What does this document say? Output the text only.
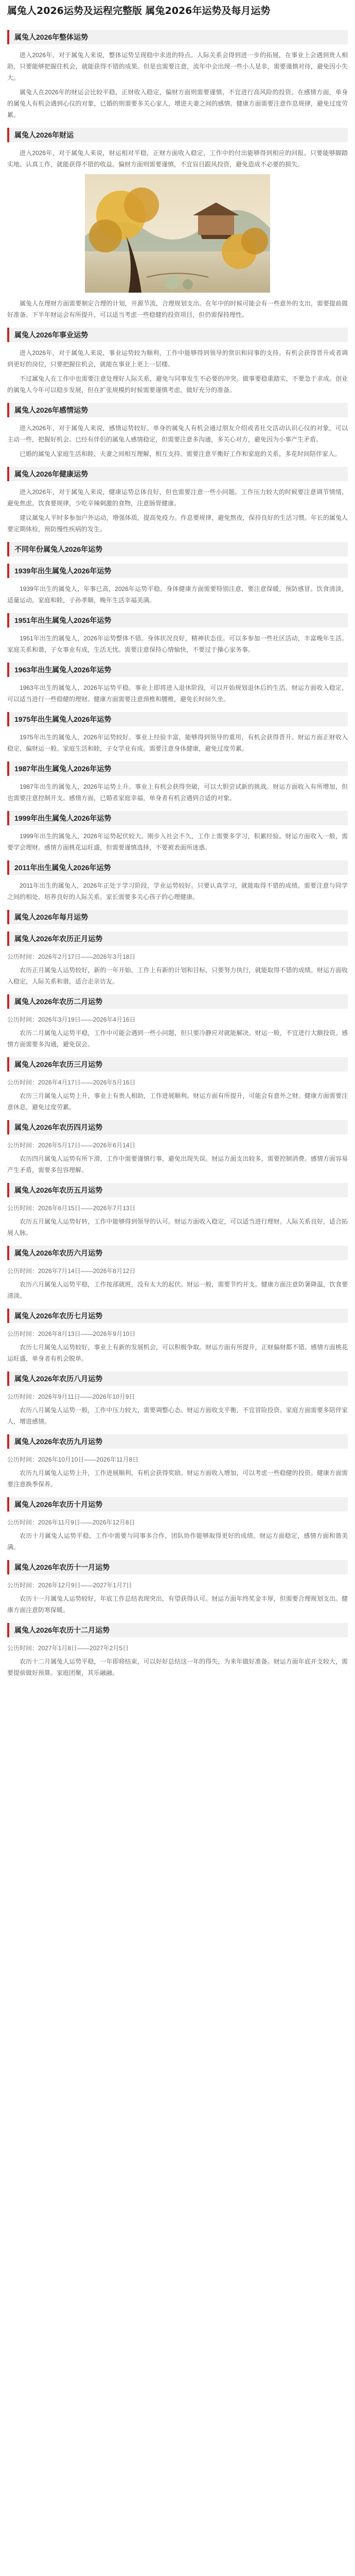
属兔人2026运势及运程完整版 属兔2026年运势及每月运势
属兔人2026年整体运势

进入2026年，对于属兔人来说，整体运势呈现稳中求进的特点。人际关系会得到进一步的拓展，在事业上会遇到贵人相助，只要能够把握住机会，就能获得不错的成果。但是也需要注意，流年中会出现一些小人是非，需要谨慎对待，避免因小失大。

属兔人在2026年的财运会比较平稳，正财收入稳定，偏财方面则需要谨慎，不宜进行高风险的投资。在感情方面，单身的属兔人有机会遇到心仪的对象，已婚的则需要多关心家人，增进夫妻之间的感情。健康方面需要注意作息规律，避免过度劳累。

属兔人2026年财运

进入2026年，对于属兔人来说，财运相对平稳，正财方面收入稳定，工作中的付出能够得到相应的回报。只要能够脚踏实地、认真工作，就能获得不错的收益。偏财方面则需要谨慎，不宜盲目跟风投资，避免造成不必要的损失。

属兔人在理财方面需要制定合理的计划，开源节流，合理规划支出。在年中的时候可能会有一些意外的支出，需要提前做好准备。下半年财运会有所提升，可以适当考虑一些稳健的投资项目，但仍需保持理性。

属兔人2026年事业运势

进入2026年，对于属兔人来说，事业运势较为顺利，工作中能够得到领导的赏识和同事的支持。有机会获得晋升或者调到更好的岗位，只要把握住机会，就能在事业上更上一层楼。

不过属兔人在工作中也需要注意处理好人际关系，避免与同事发生不必要的冲突。做事要稳重踏实，不要急于求成。创业的属兔人今年可以稳步发展，但在扩张规模的时候需要谨慎考虑，做好充分的准备。

属兔人2026年感情运势

进入2026年，对于属兔人来说，感情运势较好。单身的属兔人有机会通过朋友介绍或者社交活动认识心仪的对象，可以主动一些，把握好机会。已经有伴侣的属兔人感情稳定，但需要注意多沟通，多关心对方，避免因为小事产生矛盾。

已婚的属兔人家庭生活和睦，夫妻之间相互理解，相互支持。需要注意平衡好工作和家庭的关系，多花时间陪伴家人。

属兔人2026年健康运势

进入2026年，对于属兔人来说，健康运势总体良好，但也需要注意一些小问题。工作压力较大的时候要注意调节情绪，避免焦虑。饮食要规律，少吃辛辣刺激的食物，注意肠胃健康。

建议属兔人平时多参加户外运动，增强体质，提高免疫力。作息要规律，避免熬夜，保持良好的生活习惯。年长的属兔人要定期体检，预防慢性疾病的发生。

不同年份属兔人2026年运势
1939年出生属兔人2026年运势

1939年出生的属兔人，年事已高，2026年运势平稳。身体健康方面需要特别注意，要注意保暖，预防感冒。饮食清淡，适量运动。家庭和睦，子孙孝顺，晚年生活幸福美满。

1951年出生属兔人2026年运势

1951年出生的属兔人，2026年运势整体不错。身体状况良好，精神状态佳。可以多参加一些社区活动，丰富晚年生活。家庭关系和谐，子女事业有成，生活无忧。需要注意保持心情愉快，不要过于操心家务事。

1963年出生属兔人2026年运势

1963年出生的属兔人，2026年运势平稳。事业上即将进入退休阶段，可以开始规划退休后的生活。财运方面收入稳定，可以适当进行一些稳健的理财。健康方面需要注意颈椎和腰椎，避免长时间久坐。

1975年出生属兔人2026年运势

1975年出生的属兔人，2026年运势较好。事业上经验丰富，能够得到领导的重用，有机会获得晋升。财运方面正财收入稳定，偏财运一般。家庭生活和睦，子女学业有成。需要注意身体健康，避免过度劳累。

1987年出生属兔人2026年运势

1987年出生的属兔人，2026年运势上升。事业上有机会获得突破，可以大胆尝试新的挑战。财运方面收入有所增加，但也需要注意控制开支。感情方面，已婚者家庭幸福，单身者有机会遇到合适的对象。

1999年出生属兔人2026年运势

1999年出生的属兔人，2026年运势起伏较大。刚步入社会不久，工作上需要多学习，积累经验。财运方面收入一般，需要学会理财。感情方面桃花运旺盛，但需要谨慎选择，不要被表面所迷惑。

2011年出生属兔人2026年运势

2011年出生的属兔人，2026年正处于学习阶段，学业运势较好。只要认真学习，就能取得不错的成绩。需要注意与同学之间的相处，培养良好的人际关系。家长需要多关心孩子的心理健康。

属兔人2026年每月运势
属兔人2026年农历正月运势

公历时间：2026年2月17日——2026年3月18日

农历正月属兔人运势较好，新的一年开始，工作上有新的计划和目标，只要努力执行，就能取得不错的成绩。财运方面收入稳定，人际关系和谐，适合走亲访友。

属兔人2026年农历二月运势

公历时间：2026年3月19日——2026年4月16日

农历二月属兔人运势平稳，工作中可能会遇到一些小问题，但只要冷静应对就能解决。财运一般，不宜进行大额投资。感情方面需要多沟通，避免误会。

属兔人2026年农历三月运势

公历时间：2026年4月17日——2026年5月16日

农历三月属兔人运势上升，事业上有贵人相助，工作进展顺利。财运方面有所提升，可能会有意外之财。健康方面需要注意休息，避免过度劳累。

属兔人2026年农历四月运势

公历时间：2026年5月17日——2026年6月14日

农历四月属兔人运势有所下滑，工作中需要谨慎行事，避免出现失误。财运方面支出较多，需要控制消费。感情方面容易产生矛盾，需要多包容理解。

属兔人2026年农历五月运势

公历时间：2026年6月15日——2026年7月13日

农历五月属兔人运势好转，工作中能够得到领导的认可。财运方面收入稳定，可以适当进行理财。人际关系良好，适合拓展人脉。

属兔人2026年农历六月运势

公历时间：2026年7月14日——2026年8月12日

农历六月属兔人运势平稳，工作按部就班，没有太大的起伏。财运一般，需要节约开支。健康方面注意防暑降温，饮食要清淡。

属兔人2026年农历七月运势

公历时间：2026年8月13日——2026年9月10日

农历七月属兔人运势较好，事业上有新的发展机会，可以积极争取。财运方面有所提升，正财偏财都不错。感情方面桃花运旺盛，单身者有机会脱单。

属兔人2026年农历八月运势

公历时间：2026年9月11日——2026年10月9日

农历八月属兔人运势一般，工作中压力较大，需要调整心态。财运方面收支平衡，不宜冒险投资。家庭方面需要多陪伴家人，增进感情。

属兔人2026年农历九月运势

公历时间：2026年10月10日——2026年11月8日

农历九月属兔人运势上升，工作进展顺利，有机会获得奖励。财运方面收入增加，可以考虑一些稳健的投资。健康方面需要注意换季保养。

属兔人2026年农历十月运势

公历时间：2026年11月9日——2026年12月8日

农历十月属兔人运势平稳，工作中需要与同事多合作，团队协作能够取得更好的成绩。财运方面稳定，感情方面和谐美满。

属兔人2026年农历十一月运势

公历时间：2026年12月9日——2027年1月7日

农历十一月属兔人运势较好，年底工作总结表现突出，有望获得认可。财运方面年终奖金丰厚，但需要合理规划支出。健康方面注意防寒保暖。

属兔人2026年农历十二月运势

公历时间：2027年1月8日——2027年2月5日

农历十二月属兔人运势平稳，一年即将结束，可以好好总结这一年的得失，为来年做好准备。财运方面年底开支较大，需要提前做好预算。家庭团聚，其乐融融。
